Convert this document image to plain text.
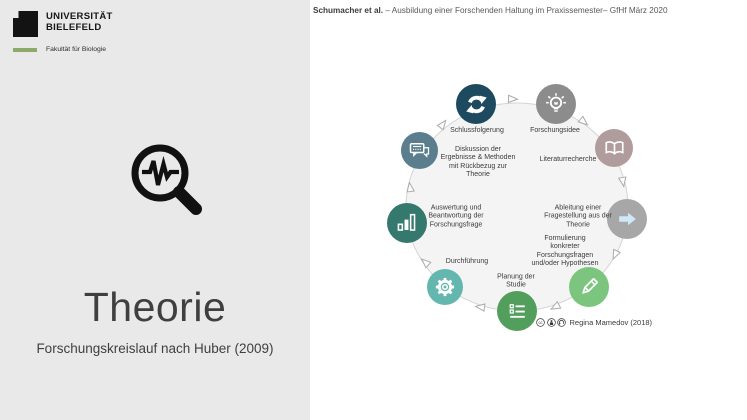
UNIVERSITÄT
BIELEFELD
Fakultät für Biologie
Theorie
Forschungskreislauf nach Huber (2009)
Schumacher et al. – Ausbildung einer Forschenden Haltung im Praxissemester– GfHf März 2020
Forschungsidee
Literaturrecherche
Ableitung einer Fragestellung aus der Theorie
Formulierung konkreter Forschungsfragen und/oder Hypothesen
Planung der Studie
Durchführung
Auswertung und Beantwortung der Forschungsfrage
Diskussion der Ergebnisse & Methoden mit Rückbezug zur Theorie
Schlussfolgerung
cc	Regina Mamedov (2018)
